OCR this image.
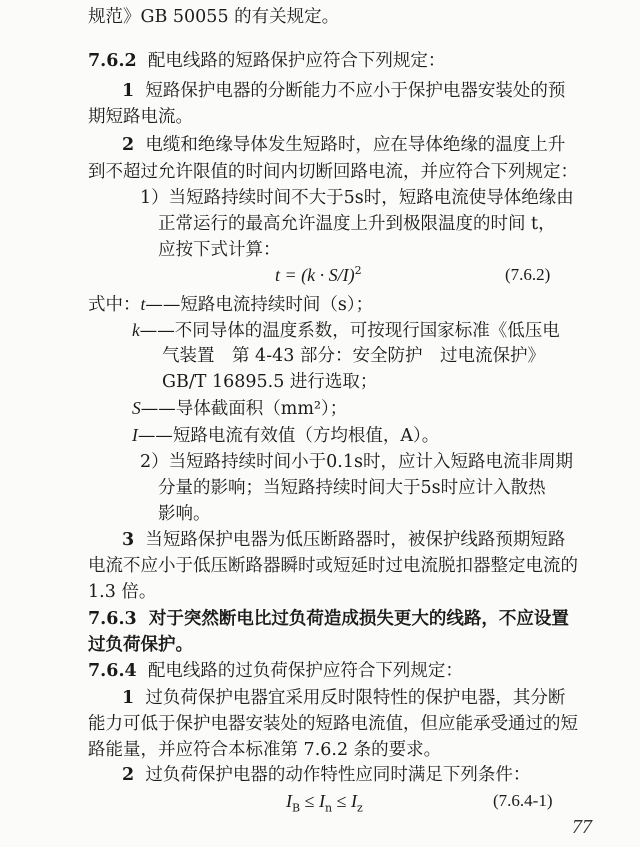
规范》GB 50055 的有关规定。
7.6.2 配电线路的短路保护应符合下列规定：
1 短路保护电器的分断能力不应小于保护电器安装处的预
期短路电流。
2 电缆和绝缘导体发生短路时，应在导体绝缘的温度上升
到不超过允许限值的时间内切断回路电流，并应符合下列规定：
1）当短路持续时间不大于5s时，短路电流使导体绝缘由
正常运行的最高允许温度上升到极限温度的时间 t，
应按下式计算：
$t = (k \cdot S/I)^2$	(7.6.2)
式中：t——短路电流持续时间（s）；
k——不同导体的温度系数，可按现行国家标准《低压电
气装置　第 4-43 部分：安全防护　过电流保护》
GB/T 16895.5 进行选取；
S——导体截面积（mm²）；
I——短路电流有效值（方均根值，A）。
2）当短路持续时间小于0.1s时，应计入短路电流非周期
分量的影响；当短路持续时间大于5s时应计入散热
影响。
3 当短路保护电器为低压断路器时，被保护线路预期短路
电流不应小于低压断路器瞬时或短延时过电流脱扣器整定电流的
1.3 倍。
7.6.3 对于突然断电比过负荷造成损失更大的线路，不应设置
过负荷保护。
7.6.4 配电线路的过负荷保护应符合下列规定：
1 过负荷保护电器宜采用反时限特性的保护电器，其分断
能力可低于保护电器安装处的短路电流值，但应能承受通过的短
路能量，并应符合本标准第 7.6.2 条的要求。
2 过负荷保护电器的动作特性应同时满足下列条件：
$I_B \le I_n \le I_z$	(7.6.4-1)
77
